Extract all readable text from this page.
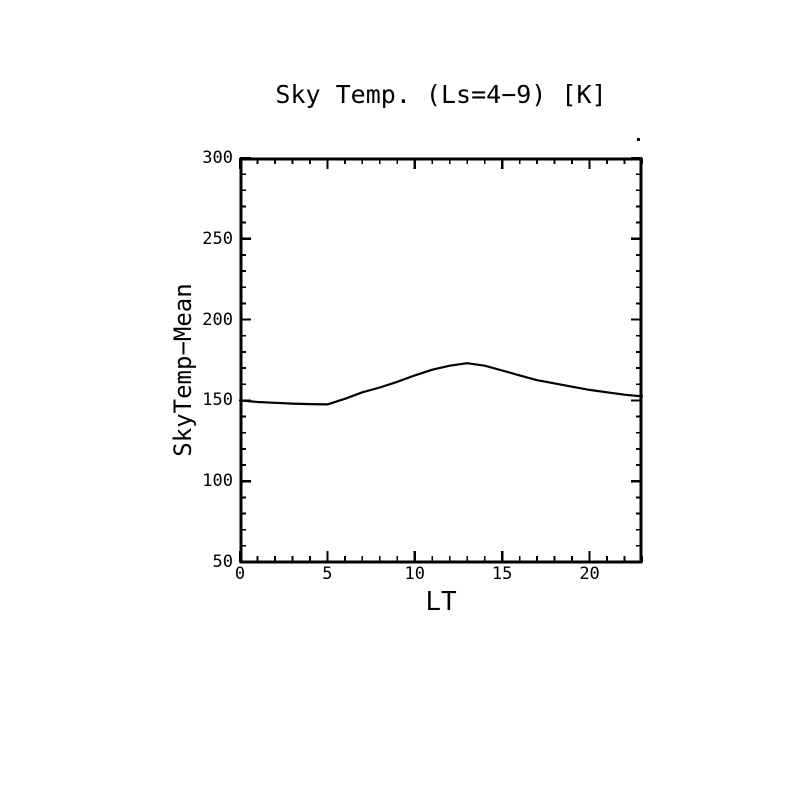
Sky Temp. (Ls=4−9) [K]
SkyTemp−Mean
LT
0	5	10	15	20
50
100
150
200
250
300
